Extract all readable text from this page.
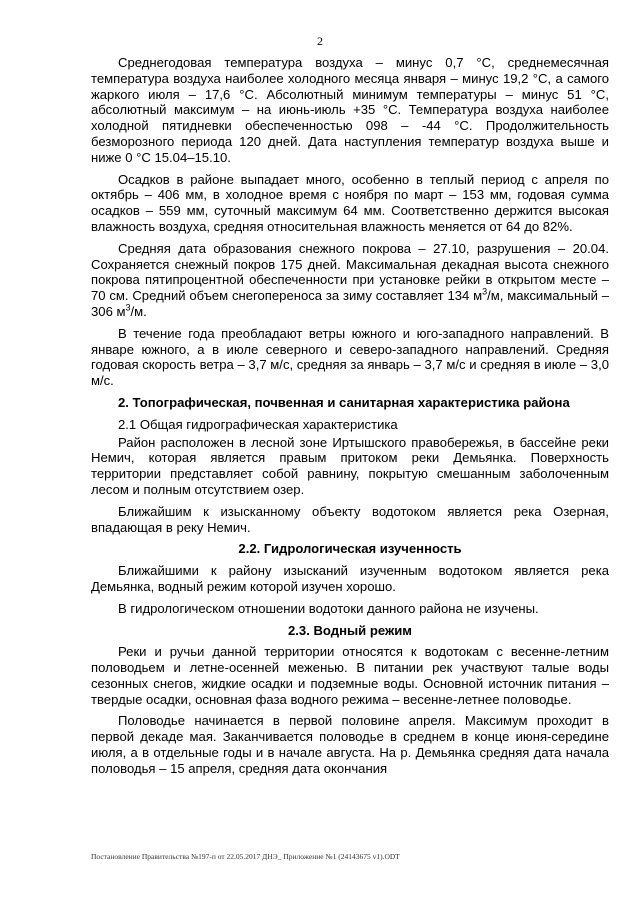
2

Среднегодовая температура воздуха – минус 0,7 °С, среднемесячная температура воздуха наиболее холодного месяца января – минус 19,2 °С, а самого жаркого июля – 17,6 °С. Абсолютный минимум температуры – минус 51 °С, абсолютный максимум – на июнь-июль +35 °С. Температура воздуха наиболее холодной пятидневки обеспеченностью 098 – -44 °С. Продолжительность безморозного периода 120 дней. Дата наступления температур воздуха выше и ниже 0 °С 15.04–15.10.

Осадков в районе выпадает много, особенно в теплый период с апреля по октябрь – 406 мм, в холодное время с ноября по март – 153 мм, годовая сумма осадков – 559 мм, суточный максимум 64 мм. Соответственно держится высокая влажность воздуха, средняя относительная влажность меняется от 64 до 82%.

Средняя дата образования снежного покрова – 27.10, разрушения – 20.04. Сохраняется снежный покров 175 дней. Максимальная декадная высота снежного покрова пятипроцентной обеспеченности при установке рейки в открытом месте – 70 см. Средний объем снегопереноса за зиму составляет 134 $м^3/м$, максимальный – 306 $м^3/м$.

В течение года преобладают ветры южного и юго-западного направлений. В январе южного, а в июле северного и северо-западного направлений. Средняя годовая скорость ветра – 3,7 м/с, средняя за январь – 3,7 м/с и средняя в июле – 3,0 м/с.

2. Топографическая, почвенная и санитарная характеристика района
2.1 Общая гидрографическая характеристика

Район расположен в лесной зоне Иртышского правобережья, в бассейне реки Немич, которая является правым притоком реки Демьянка. Поверхность территории представляет собой равнину, покрытую смешанным заболоченным лесом и полным отсутствием озер.

Ближайшим к изысканному объекту водотоком является река Озерная, впадающая в реку Немич.

2.2. Гидрологическая изученность

Ближайшими к району изысканий изученным водотоком является река Демьянка, водный режим которой изучен хорошо.

В гидрологическом отношении водотоки данного района не изучены.

2.3. Водный режим

Реки и ручьи данной территории относятся к водотокам с весенне-летним половодьем и летне-осенней меженью. В питании рек участвуют талые воды сезонных снегов, жидкие осадки и подземные воды. Основной источник питания – твердые осадки, основная фаза водного режима – весенне-летнее половодье.

Половодье начинается в первой половине апреля. Максимум проходит в первой декаде мая. Заканчивается половодье в среднем в конце июня-середине июля, а в отдельные годы и в начале августа. На р. Демьянка средняя дата начала половодья – 15 апреля, средняя дата окончания

Постановление Правительства №197-п от 22.05.2017 ДНЭ_ Приложение №1 (24143675 v1).ODT
